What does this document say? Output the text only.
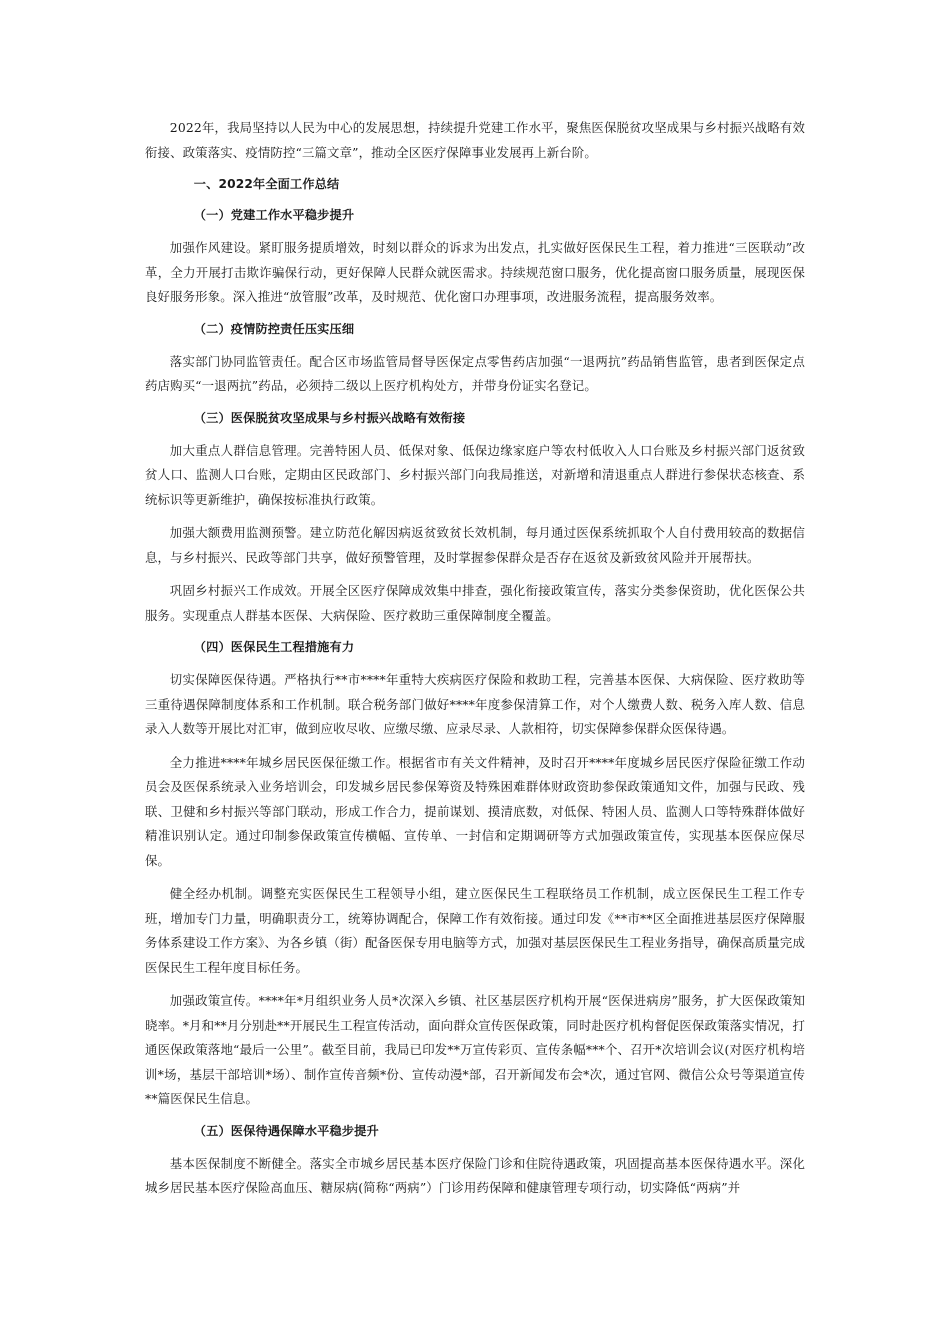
2022年，我局坚持以人民为中心的发展思想，持续提升党建工作水平，聚焦医保脱贫攻坚成果与乡村振兴战略有效衔接、政策落实、疫情防控“三篇文章”，推动全区医疗保障事业发展再上新台阶。

一、2022年全面工作总结

（一）党建工作水平稳步提升

加强作风建设。紧盯服务提质增效，时刻以群众的诉求为出发点，扎实做好医保民生工程，着力推进“三医联动”改革，全力开展打击欺诈骗保行动，更好保障人民群众就医需求。持续规范窗口服务，优化提高窗口服务质量，展现医保良好服务形象。深入推进“放管服”改革，及时规范、优化窗口办理事项，改进服务流程，提高服务效率。

（二）疫情防控责任压实压细

落实部门协同监管责任。配合区市场监管局督导医保定点零售药店加强“一退两抗”药品销售监管，患者到医保定点药店购买“一退两抗”药品，必须持二级以上医疗机构处方，并带身份证实名登记。

（三）医保脱贫攻坚成果与乡村振兴战略有效衔接

加大重点人群信息管理。完善特困人员、低保对象、低保边缘家庭户等农村低收入人口台账及乡村振兴部门返贫致贫人口、监测人口台账，定期由区民政部门、乡村振兴部门向我局推送，对新增和清退重点人群进行参保状态核查、系统标识等更新维护，确保按标准执行政策。

加强大额费用监测预警。建立防范化解因病返贫致贫长效机制，每月通过医保系统抓取个人自付费用较高的数据信息，与乡村振兴、民政等部门共享，做好预警管理，及时掌握参保群众是否存在返贫及新致贫风险并开展帮扶。

巩固乡村振兴工作成效。开展全区医疗保障成效集中排查，强化衔接政策宣传，落实分类参保资助，优化医保公共服务。实现重点人群基本医保、大病保险、医疗救助三重保障制度全覆盖。

（四）医保民生工程措施有力

切实保障医保待遇。严格执行**市****年重特大疾病医疗保险和救助工程，完善基本医保、大病保险、医疗救助等三重待遇保障制度体系和工作机制。联合税务部门做好****年度参保清算工作，对个人缴费人数、税务入库人数、信息录入人数等开展比对汇审，做到应收尽收、应缴尽缴、应录尽录、人款相符，切实保障参保群众医保待遇。

全力推进****年城乡居民医保征缴工作。根据省市有关文件精神，及时召开****年度城乡居民医疗保险征缴工作动员会及医保系统录入业务培训会，印发城乡居民参保筹资及特殊困难群体财政资助参保政策通知文件，加强与民政、残联、卫健和乡村振兴等部门联动，形成工作合力，提前谋划、摸清底数，对低保、特困人员、监测人口等特殊群体做好精准识别认定。通过印制参保政策宣传横幅、宣传单、一封信和定期调研等方式加强政策宣传，实现基本医保应保尽保。

健全经办机制。调整充实医保民生工程领导小组，建立医保民生工程联络员工作机制，成立医保民生工程工作专班，增加专门力量，明确职责分工，统筹协调配合，保障工作有效衔接。通过印发《**市**区全面推进基层医疗保障服务体系建设工作方案》、为各乡镇（街）配备医保专用电脑等方式，加强对基层医保民生工程业务指导，确保高质量完成医保民生工程年度目标任务。

加强政策宣传。****年*月组织业务人员*次深入乡镇、社区基层医疗机构开展“医保进病房”服务，扩大医保政策知晓率。*月和**月分别赴**开展民生工程宣传活动，面向群众宣传医保政策，同时赴医疗机构督促医保政策落实情况，打通医保政策落地“最后一公里”。截至目前，我局已印发**万宣传彩页、宣传条幅***个、召开*次培训会议(对医疗机构培训*场，基层干部培训*场）、制作宣传音频*份、宣传动漫*部，召开新闻发布会*次，通过官网、微信公众号等渠道宣传**篇医保民生信息。

（五）医保待遇保障水平稳步提升

基本医保制度不断健全。落实全市城乡居民基本医疗保险门诊和住院待遇政策，巩固提高基本医保待遇水平。深化城乡居民基本医疗保险高血压、糖尿病(简称“两病”）门诊用药保障和健康管理专项行动，切实降低“两病”并
